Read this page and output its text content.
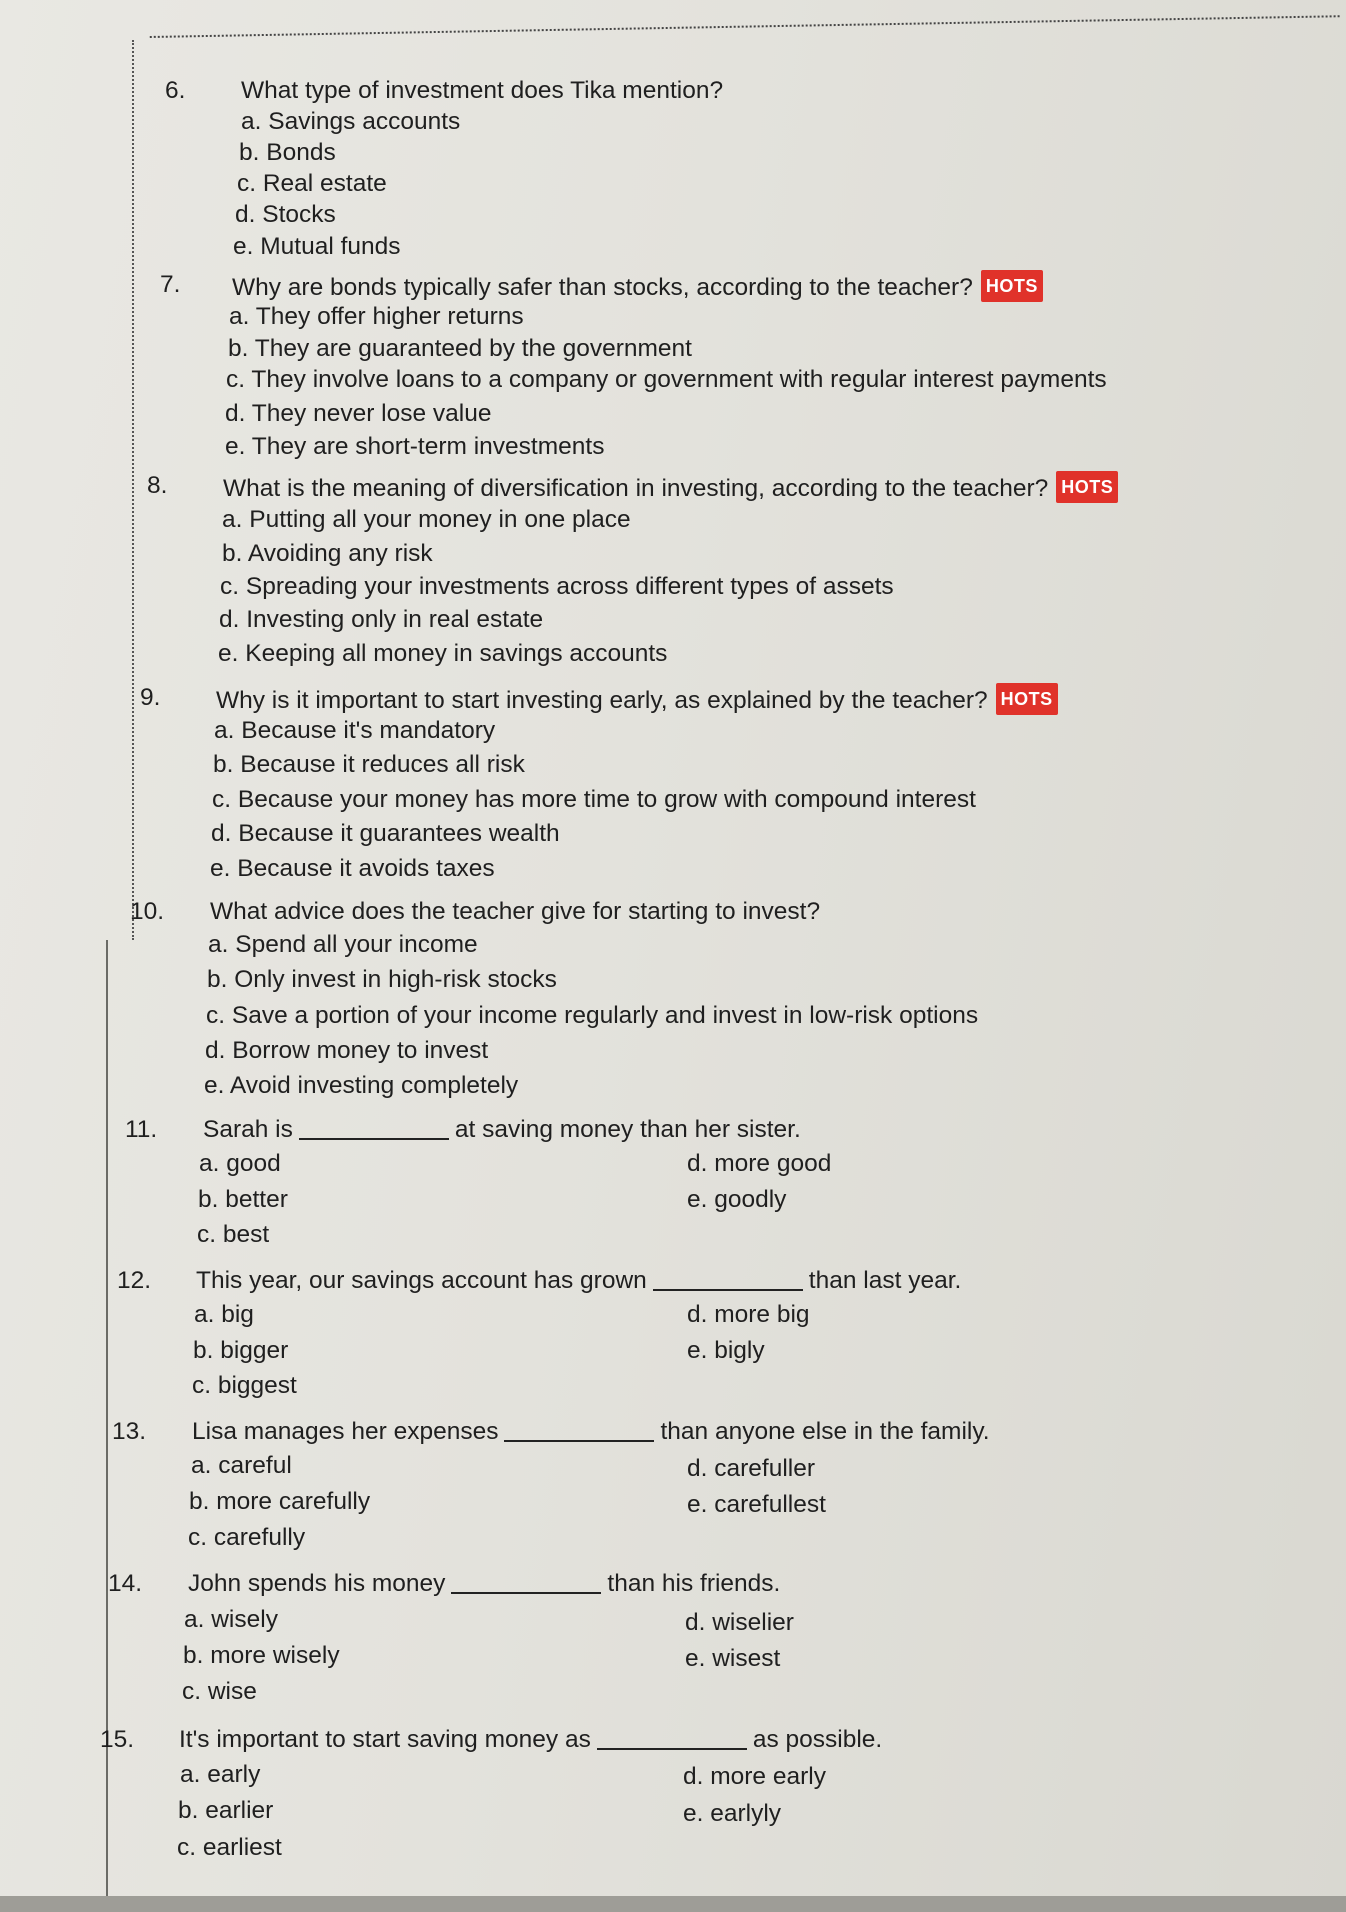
6. What type of investment does Tika mention?
a. Savings accounts
b. Bonds
c. Real estate
d. Stocks
e. Mutual funds
7. Why are bonds typically safer than stocks, according to the teacher? HOTS
a. They offer higher returns
b. They are guaranteed by the government
c. They involve loans to a company or government with regular interest payments
d. They never lose value
e. They are short-term investments
8. What is the meaning of diversification in investing, according to the teacher? HOTS
a. Putting all your money in one place
b. Avoiding any risk
c. Spreading your investments across different types of assets
d. Investing only in real estate
e. Keeping all money in savings accounts
9. Why is it important to start investing early, as explained by the teacher? HOTS
a. Because it's mandatory
b. Because it reduces all risk
c. Because your money has more time to grow with compound interest
d. Because it guarantees wealth
e. Because it avoids taxes
10. What advice does the teacher give for starting to invest?
a. Spend all your income
b. Only invest in high-risk stocks
c. Save a portion of your income regularly and invest in low-risk options
d. Borrow money to invest
e. Avoid investing completely
11. Sarah is	at saving money than her sister.
a. good
b. better
c. best
d. more good
e. goodly
12. This year, our savings account has grown	than last year.
a. big
b. bigger
c. biggest
d. more big
e. bigly
13. Lisa manages her expenses	than anyone else in the family.
a. careful
b. more carefully
c. carefully
d. carefuller
e. carefullest
14. John spends his money	than his friends.
a. wisely
b. more wisely
c. wise
d. wiselier
e. wisest
15. It's important to start saving money as	as possible.
a. early
b. earlier
c. earliest
d. more early
e. earlyly
